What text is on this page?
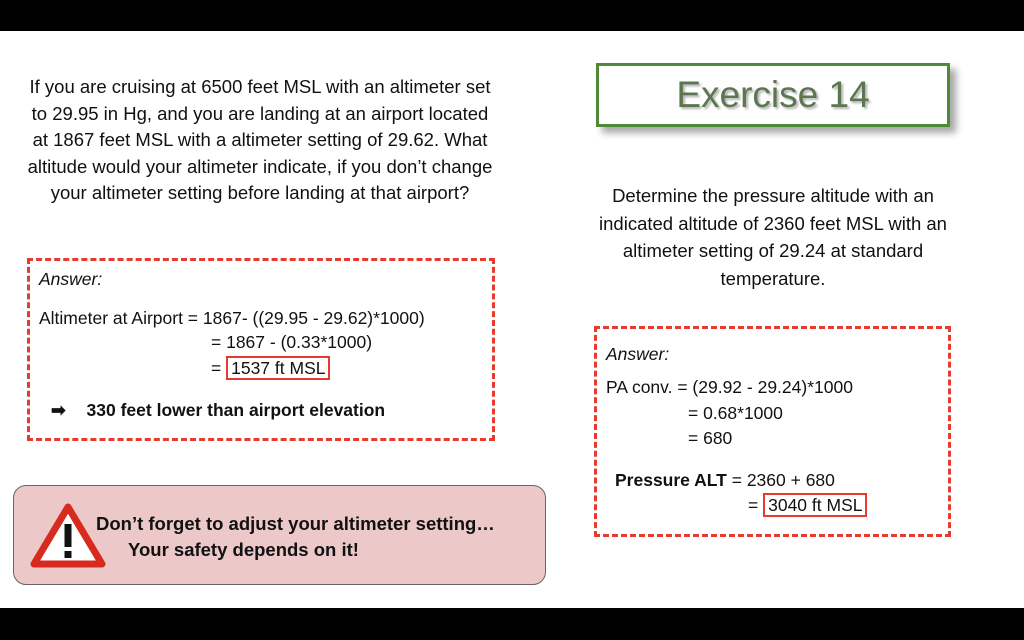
If you are cruising at 6500 feet MSL with an altimeter set to 29.95 in Hg, and you are landing at an airport located at 1867 feet MSL with a altimeter setting of 29.62. What altitude would your altimeter indicate, if you don’t change your altimeter setting before landing at that airport?
Answer:
Altimeter at Airport = 1867- ((29.95 - 29.62)*1000)
= 1867 - (0.33*1000)
= 1537 ft MSL
➡ 330 feet lower than airport elevation
Exercise 14
Determine the pressure altitude with an indicated altitude of 2360 feet MSL with an altimeter setting of 29.24 at standard temperature.
Answer:
PA conv. = (29.92 - 29.24)*1000
= 0.68*1000
= 680
Pressure ALT = 2360 + 680
= 3040 ft MSL
Don’t forget to adjust your altimeter setting…
Your safety depends on it!
